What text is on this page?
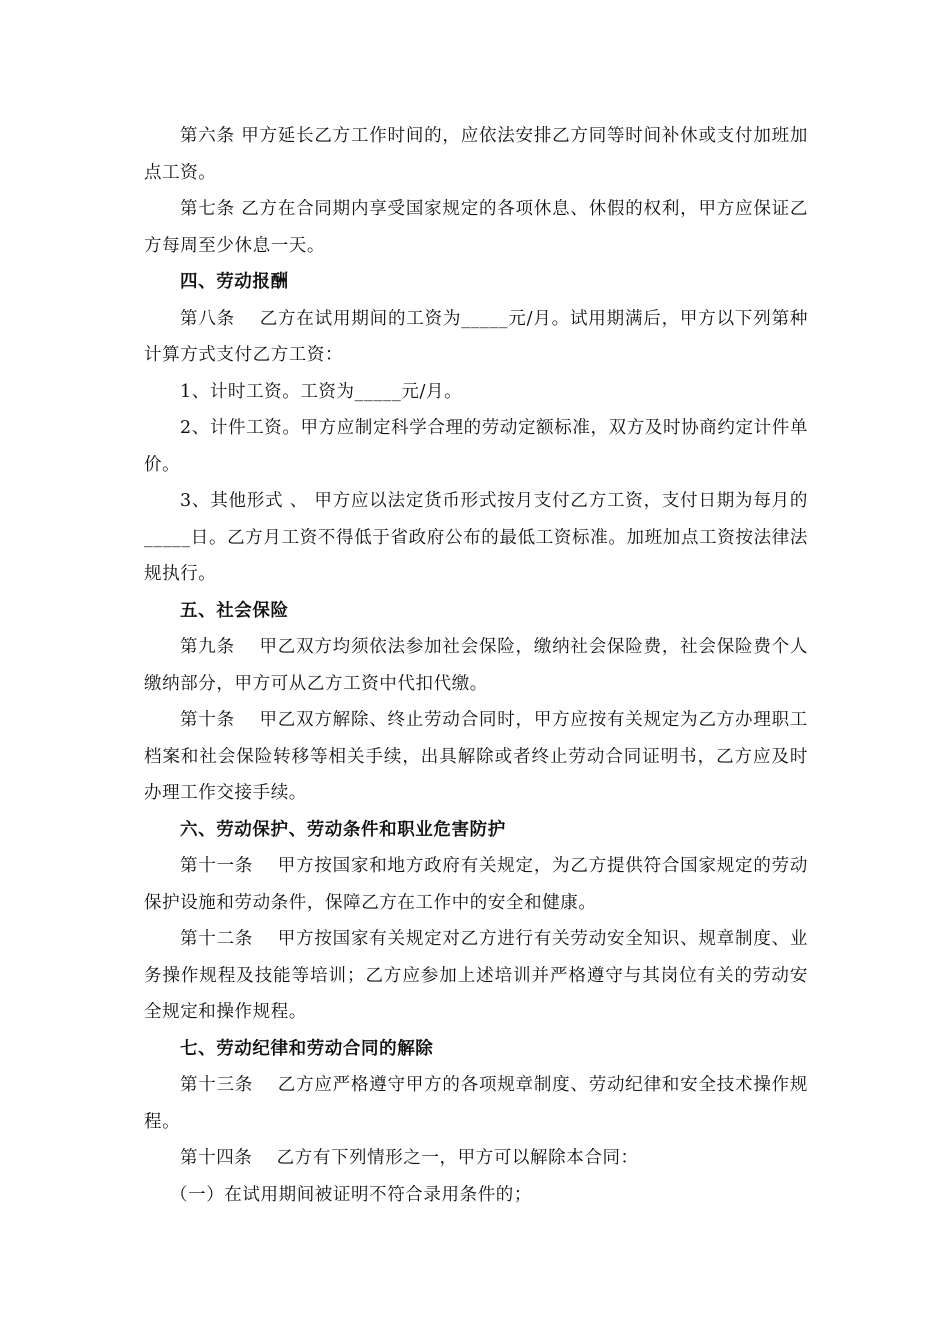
第六条 甲方延长乙方工作时间的，应依法安排乙方同等时间补休或支付加班加点工资。

第七条 乙方在合同期内享受国家规定的各项休息、休假的权利，甲方应保证乙方每周至少休息一天。

四、劳动报酬

第八条　 乙方在试用期间的工资为_____元/月。试用期满后，甲方以下列第种计算方式支付乙方工资：

1、计时工资。工资为_____元/月。

2、计件工资。甲方应制定科学合理的劳动定额标准，双方及时协商约定计件单价。

3、其他形式 、 甲方应以法定货币形式按月支付乙方工资，支付日期为每月的_____日。乙方月工资不得低于省政府公布的最低工资标准。加班加点工资按法律法规执行。

五、社会保险

第九条　 甲乙双方均须依法参加社会保险，缴纳社会保险费，社会保险费个人缴纳部分，甲方可从乙方工资中代扣代缴。

第十条　 甲乙双方解除、终止劳动合同时，甲方应按有关规定为乙方办理职工档案和社会保险转移等相关手续，出具解除或者终止劳动合同证明书，乙方应及时办理工作交接手续。

六、劳动保护、劳动条件和职业危害防护

第十一条　 甲方按国家和地方政府有关规定，为乙方提供符合国家规定的劳动保护设施和劳动条件，保障乙方在工作中的安全和健康。

第十二条　 甲方按国家有关规定对乙方进行有关劳动安全知识、规章制度、业务操作规程及技能等培训；乙方应参加上述培训并严格遵守与其岗位有关的劳动安全规定和操作规程。

七、劳动纪律和劳动合同的解除

第十三条　 乙方应严格遵守甲方的各项规章制度、劳动纪律和安全技术操作规程。

第十四条　 乙方有下列情形之一，甲方可以解除本合同：

（一）在试用期间被证明不符合录用条件的；
